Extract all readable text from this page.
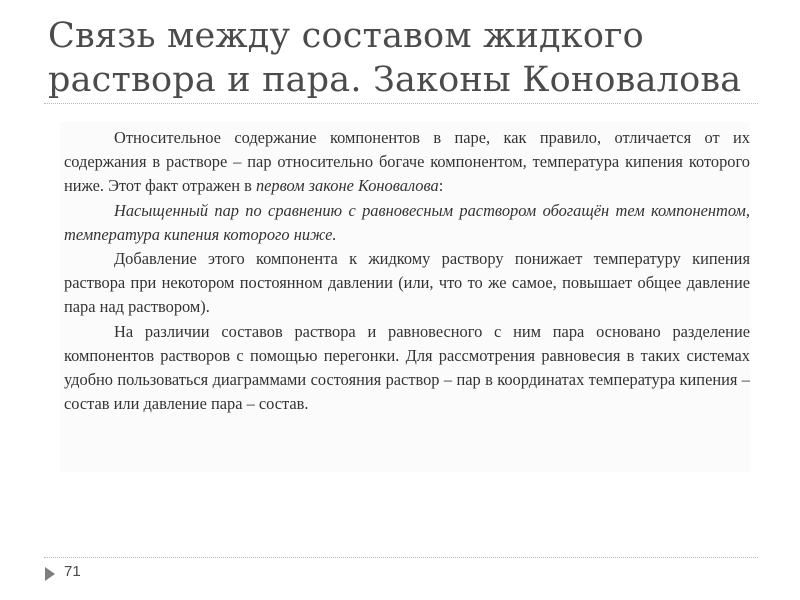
Связь между составом жидкого раствора и пара. Законы Коновалова

Относительное содержание компонентов в паре, как правило, отличается от их содержания в растворе – пар относительно богаче компонентом, температура кипения которого ниже. Этот факт отражен в первом законе Коновалова:

Насыщенный пар по сравнению с равновесным раствором обогащён тем компонентом, температура кипения которого ниже.

Добавление этого компонента к жидкому раствору понижает температуру кипения раствора при некотором постоянном давлении (или, что то же самое, повышает общее давление пара над раствором).

На различии составов раствора и равновесного с ним пара основано разделение компонентов растворов с помощью перегонки. Для рассмотрения равновесия в таких системах удобно пользоваться диаграммами состояния раствор – пар в координатах температура кипения – состав или давление пара – состав.

71
